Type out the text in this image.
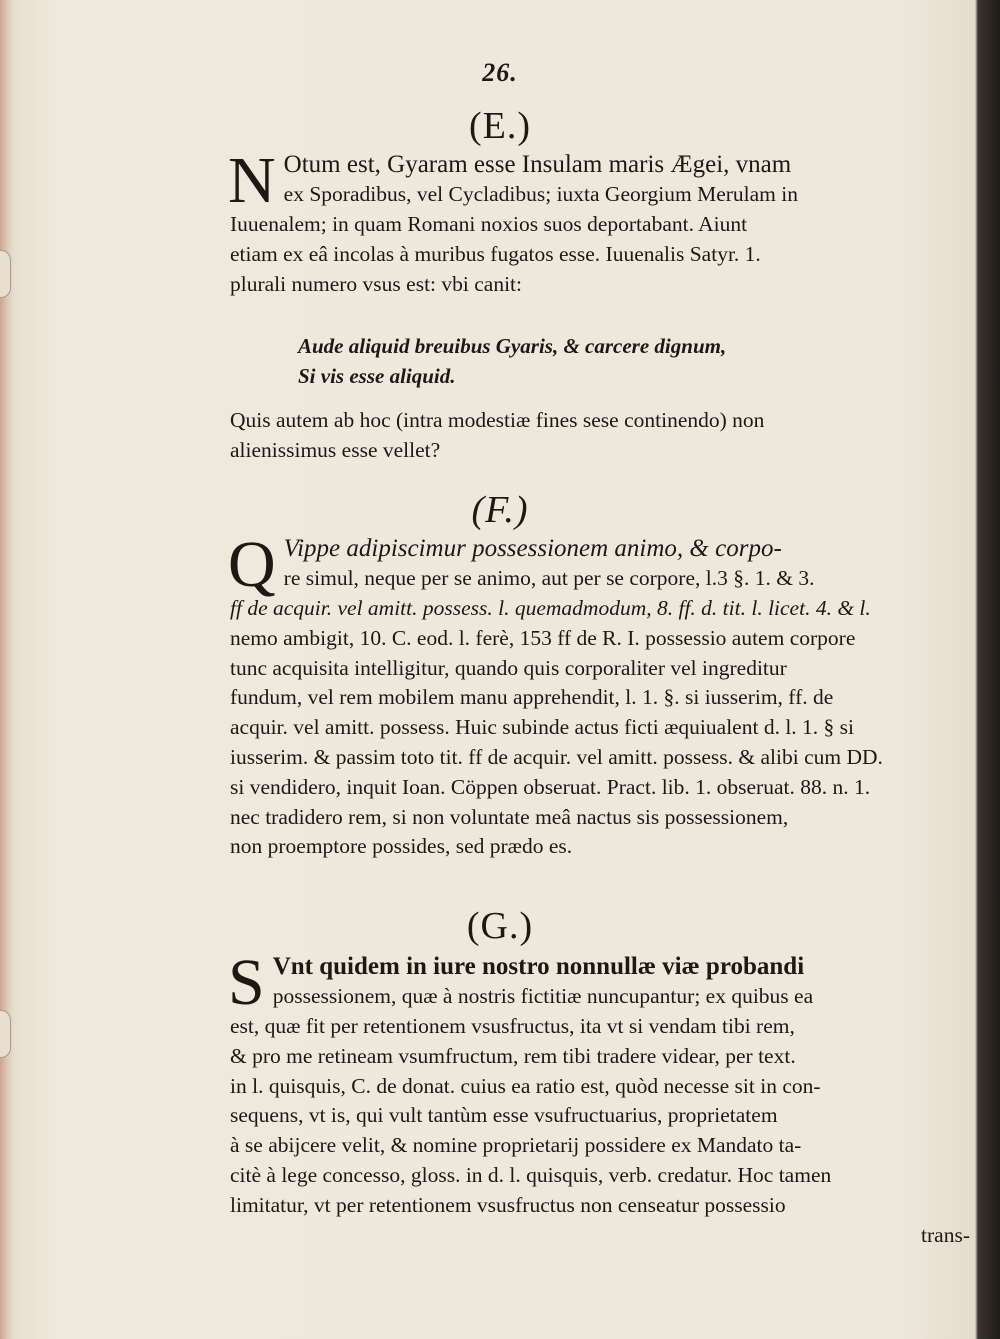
26.
(E.)
N Otum est, Gyaram esse Insulam maris Ægei, vnam
ex Sporadibus, vel Cycladibus; iuxta Georgium Merulam in
Iuuenalem; in quam Romani noxios suos deportabant. Aiunt
etiam ex eâ incolas à muribus fugatos esse. Iuuenalis Satyr. 1.
plurali numero vsus est: vbi canit:
Aude aliquid breuibus Gyaris, & carcere dignum,
Si vis esse aliquid.
Quis autem ab hoc (intra modestiæ fines sese continendo) non
alienissimus esse vellet?
(F.)
Q Vippe adipiscimur possessionem animo, & corpo-
re simul, neque per se animo, aut per se corpore, l.3 §. 1. & 3.
ff de acquir. vel amitt. possess. l. quemadmodum, 8. ff. d. tit. l. licet. 4. & l.
nemo ambigit, 10. C. eod. l. ferè, 153 ff de R. I. possessio autem corpore
tunc acquisita intelligitur, quando quis corporaliter vel ingreditur
fundum, vel rem mobilem manu apprehendit, l. 1. §. si iusserim, ff. de
acquir. vel amitt. possess. Huic subinde actus ficti æquiualent d. l. 1. § si
iusserim. & passim toto tit. ff de acquir. vel amitt. possess. & alibi cum DD.
si vendidero, inquit Ioan. Cöppen obseruat. Pract. lib. 1. obseruat. 88. n. 1.
nec tradidero rem, si non voluntate meâ nactus sis possessionem,
non proemptore possides, sed prædo es.
(G.)
S Vnt quidem in iure nostro nonnullæ viæ probandi
possessionem, quæ à nostris fictitiæ nuncupantur; ex quibus ea
est, quæ fit per retentionem vsusfructus, ita vt si vendam tibi rem,
& pro me retineam vsumfructum, rem tibi tradere videar, per text.
in l. quisquis, C. de donat. cuius ea ratio est, quòd necesse sit in con-
sequens, vt is, qui vult tantùm esse vsufructuarius, proprietatem
à se abijcere velit, & nomine proprietarij possidere ex Mandato ta-
citè à lege concesso, gloss. in d. l. quisquis, verb. credatur. Hoc tamen
limitatur, vt per retentionem vsusfructus non censeatur possessio
trans-
